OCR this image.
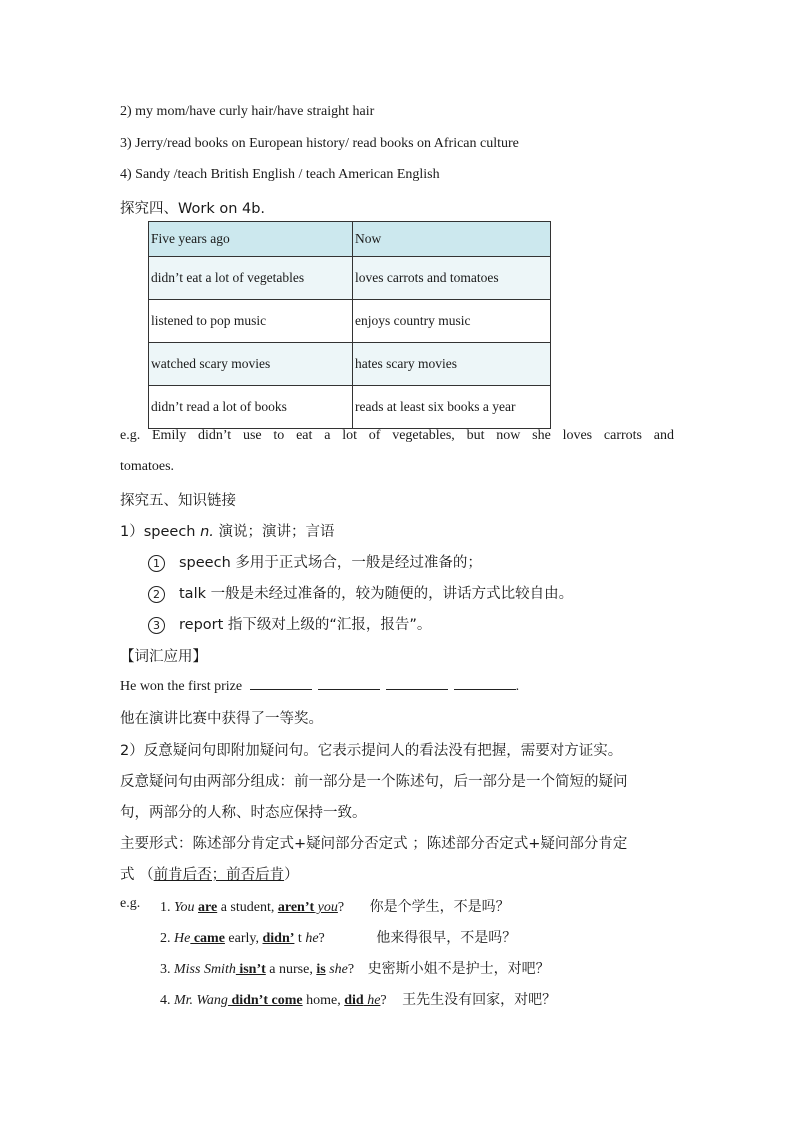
2) my mom/have curly hair/have straight hair
3) Jerry/read books on European history/ read books on African culture
4) Sandy /teach British English / teach American English
探究四、Work on 4b.
Five years ago	Now
didn’t eat a lot of vegetables	loves carrots and tomatoes
listened to pop music	enjoys country music
watched scary movies	hates scary movies
didn’t read a lot of books	reads at least six books a year
e.g. Emily didn’t use to eat a lot of vegetables, but now she loves carrots and
tomatoes.
探究五、知识链接
1）speech n. 演说；演讲；言语
1 speech 多用于正式场合，一般是经过准备的；
2 talk 一般是未经过准备的，较为随便的，讲话方式比较自由。
3 report 指下级对上级的“汇报，报告”。
【词汇应用】
He won the first prize	.
他在演讲比赛中获得了一等奖。
2）反意疑问句即附加疑问句。它表示提问人的看法没有把握，需要对方证实。
反意疑问句由两部分组成：前一部分是一个陈述句，后一部分是一个简短的疑问
句，两部分的人称、时态应保持一致。
主要形式：陈述部分肯定式+疑问部分否定式 ；陈述部分否定式+疑问部分肯定
式 （前肯后否；前否后肯）
e.g. 1. You are a student, aren’t you? 你是个学生，不是吗？
2. He came early, didn’ t he?	他来得很早，不是吗？
3. Miss Smith isn’t a nurse, is she? 史密斯小姐不是护士，对吧？
4. Mr. Wang didn’t come home, did he? 王先生没有回家，对吧？
